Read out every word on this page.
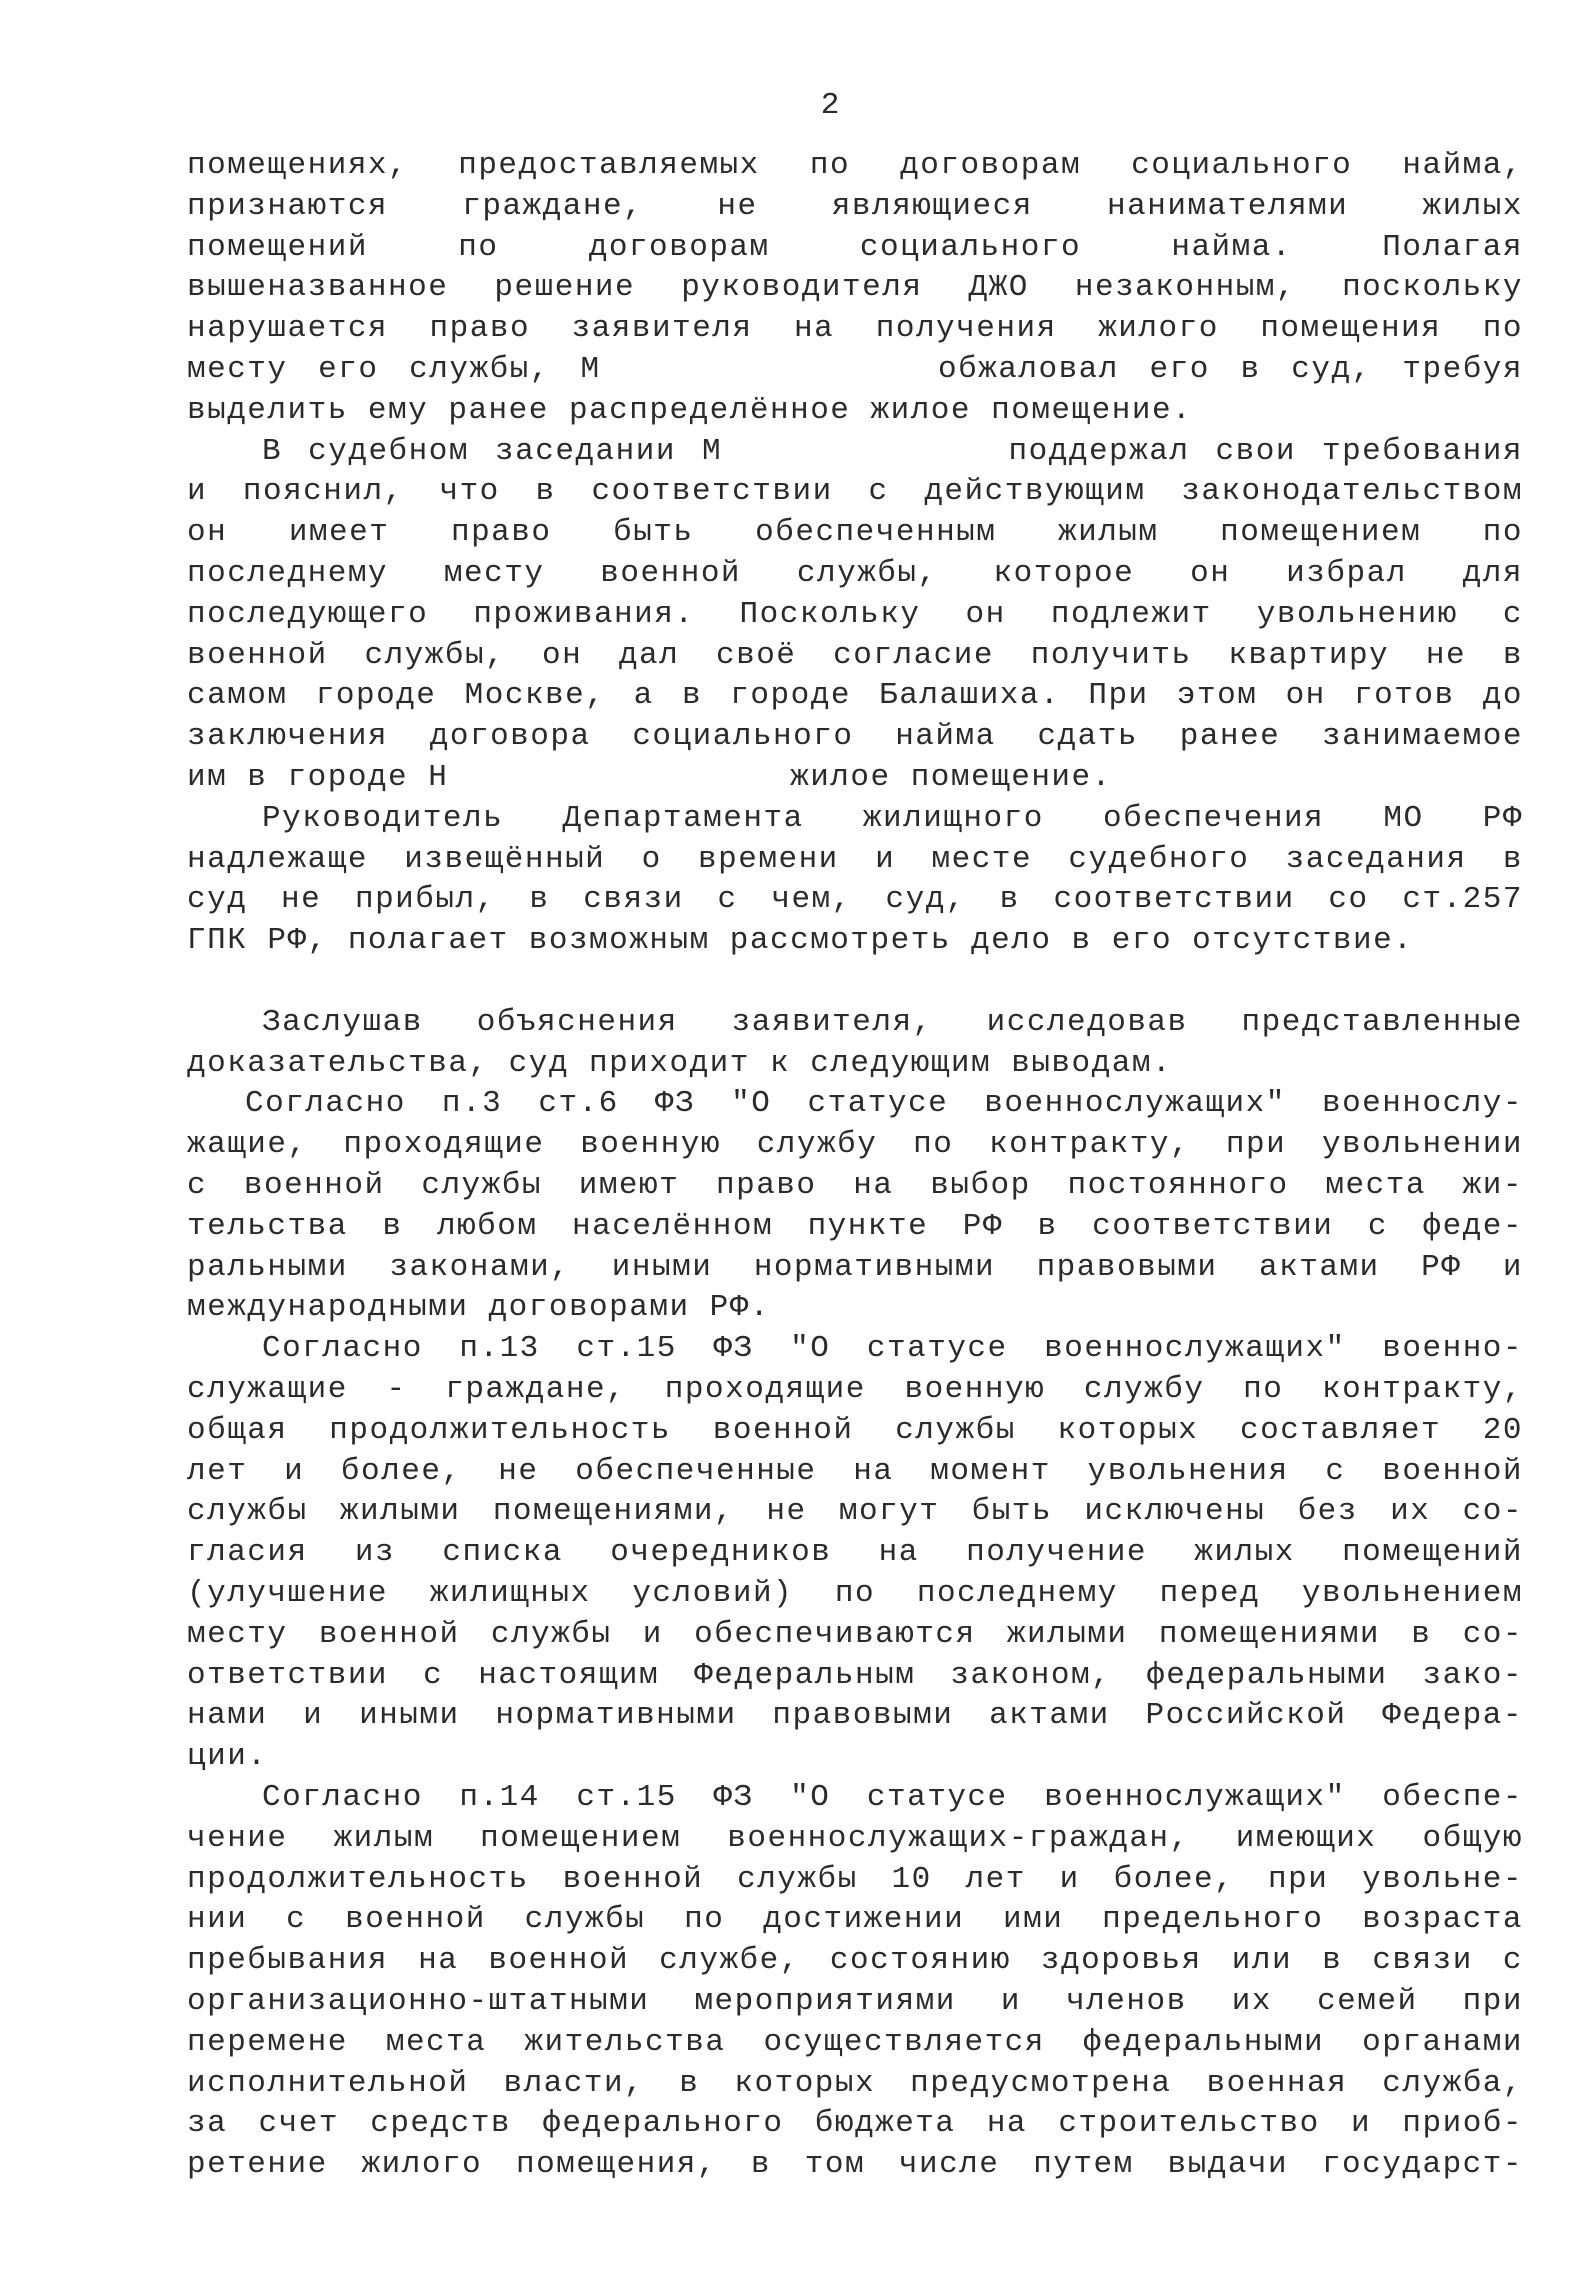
2
помещениях, предоставляемых по договорам социального найма,
признаются гражданe, не являющиеся нанимателями жилых
помещений по договорам социального найма. Полагая
вышеназванное решение руководителя ДЖО незаконным, поскольку
нарушается право заявителя на получения жилого помещения по
месту его службы, М           обжаловал его в суд, требуя
выделить ему ранее распределённое жилое помещение.
В судебном заседании М           поддержал свои требования
и пояснил, что в соответствии с действующим законодательством
он имеет право быть обеспеченным жилым помещением по
последнему месту военной службы, которое он избрал для
последующего проживания. Поскольку он подлежит увольнению с
военной службы, он дал своё согласие получить квартиру не в
самом городе Москве, а в городе Балашиха. При этом он готов до
заключения договора социального найма сдать ранее занимаемое
им в городе Н                 жилое помещение.
Руководитель Департамента жилищного обеспечения МО РФ
надлежаще извещённый о времени и месте судебного заседания в
суд не прибыл, в связи с чем, суд, в соответствии со ст.257
ГПК РФ, полагает возможным рассмотреть дело в его отсутствие.
Заслушав объяснения заявителя, исследовав представленные
доказательства, суд приходит к следующим выводам.
Согласно п.3 ст.6 ФЗ "О статусе военнослужащих" военнослу-
жащие, проходящие военную службу по контракту, при увольнении
с военной службы имеют право на выбор постоянного места жи-
тельства в любом населённом пункте РФ в соответствии с феде-
ральными законами, иными нормативными правовыми актами РФ и
международными договорами РФ.
Согласно п.13 ст.15 ФЗ "О статусе военнослужащих" военно-
служащие - граждане, проходящие военную службу по контракту,
общая продолжительность военной службы которых составляет 20
лет и более, не обеспеченные на момент увольнения с военной
службы жилыми помещениями, не могут быть исключены без их со-
гласия из списка очередников на получение жилых помещений
(улучшение жилищных условий) по последнему перед увольнением
месту военной службы и обеспечиваются жилыми помещениями в со-
ответствии с настоящим Федеральным законом, федеральными зако-
нами и иными нормативными правовыми актами Российской Федера-
ции.
Согласно п.14 ст.15 ФЗ "О статусе военнослужащих" обеспе-
чение жилым помещением военнослужащих-граждан, имеющих общую
продолжительность военной службы 10 лет и более, при увольне-
нии с военной службы по достижении ими предельного возраста
пребывания на военной службе, состоянию здоровья или в связи с
организационно-штатными мероприятиями и членов их семей при
перемене места жительства осуществляется федеральными органами
исполнительной власти, в которых предусмотрена военная служба,
за счет средств федерального бюджета на строительство и приоб-
ретение жилого помещения, в том числе путем выдачи государст-
